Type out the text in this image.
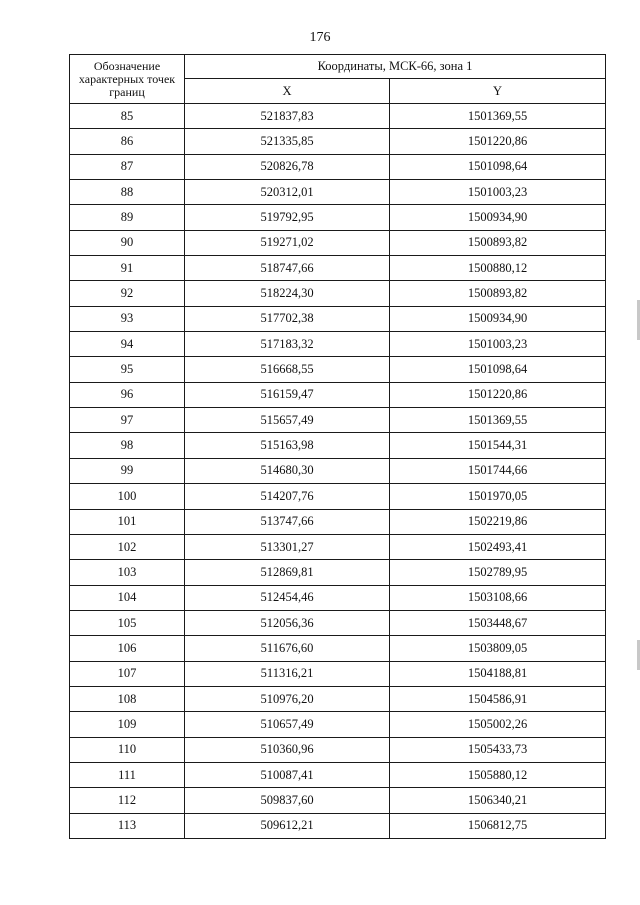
176
Обозначение характерных точек границ	Координаты, МСК-66, зона 1	
	X	Y
85	521837,83	1501369,55
86	521335,85	1501220,86
87	520826,78	1501098,64
88	520312,01	1501003,23
89	519792,95	1500934,90
90	519271,02	1500893,82
91	518747,66	1500880,12
92	518224,30	1500893,82
93	517702,38	1500934,90
94	517183,32	1501003,23
95	516668,55	1501098,64
96	516159,47	1501220,86
97	515657,49	1501369,55
98	515163,98	1501544,31
99	514680,30	1501744,66
100	514207,76	1501970,05
101	513747,66	1502219,86
102	513301,27	1502493,41
103	512869,81	1502789,95
104	512454,46	1503108,66
105	512056,36	1503448,67
106	511676,60	1503809,05
107	511316,21	1504188,81
108	510976,20	1504586,91
109	510657,49	1505002,26
110	510360,96	1505433,73
111	510087,41	1505880,12
112	509837,60	1506340,21
113	509612,21	1506812,75
